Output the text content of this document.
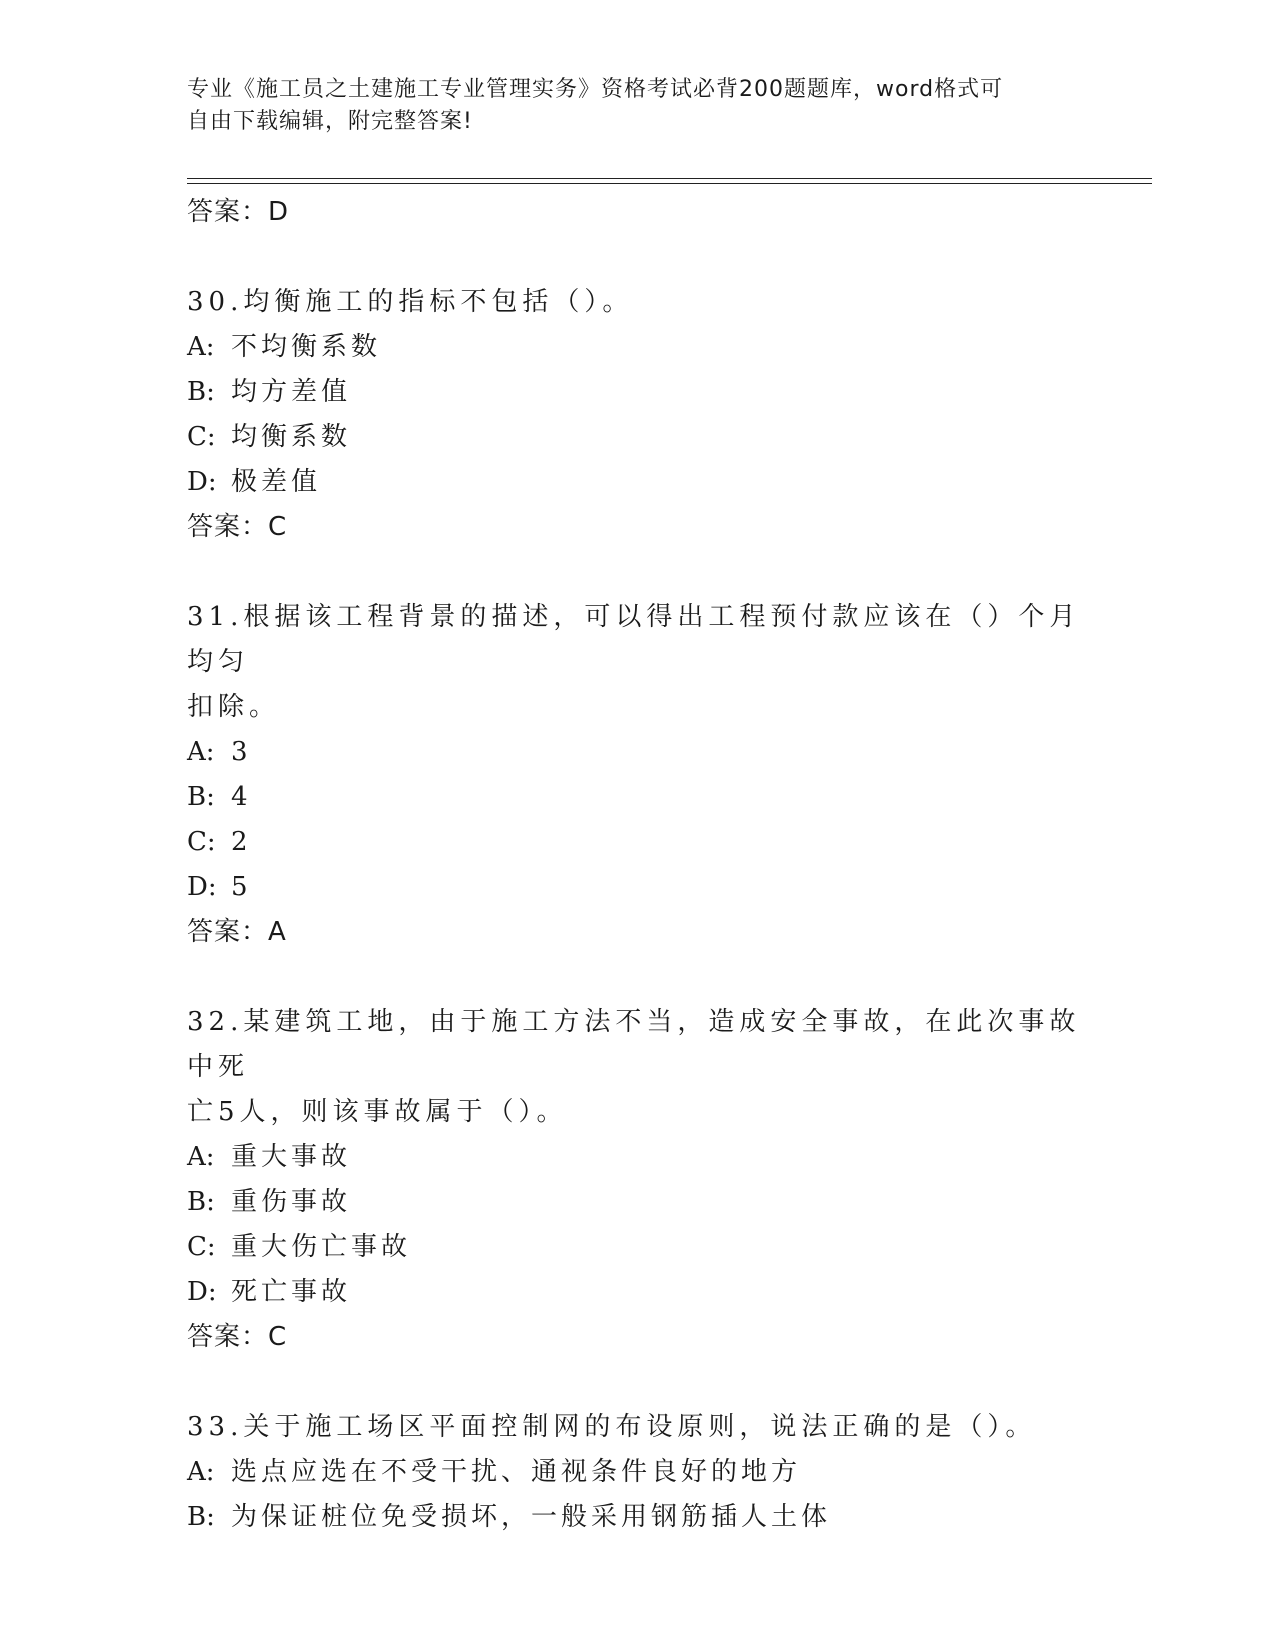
专业《施工员之土建施工专业管理实务》资格考试必背200题题库，word格式可
自由下载编辑，附完整答案!
答案：D
30.均衡施工的指标不包括（）。
A: 不均衡系数
B: 均方差值
C: 均衡系数
D: 极差值
答案：C
31.根据该工程背景的描述，可以得出工程预付款应该在（）个月均匀
扣除。
A: 3
B: 4
C: 2
D: 5
答案：A
32.某建筑工地，由于施工方法不当，造成安全事故，在此次事故中死
亡5人，则该事故属于（）。
A: 重大事故
B: 重伤事故
C: 重大伤亡事故
D: 死亡事故
答案：C
33.关于施工场区平面控制网的布设原则，说法正确的是（）。
A: 选点应选在不受干扰、通视条件良好的地方
B: 为保证桩位免受损坏，一般采用钢筋插人土体
